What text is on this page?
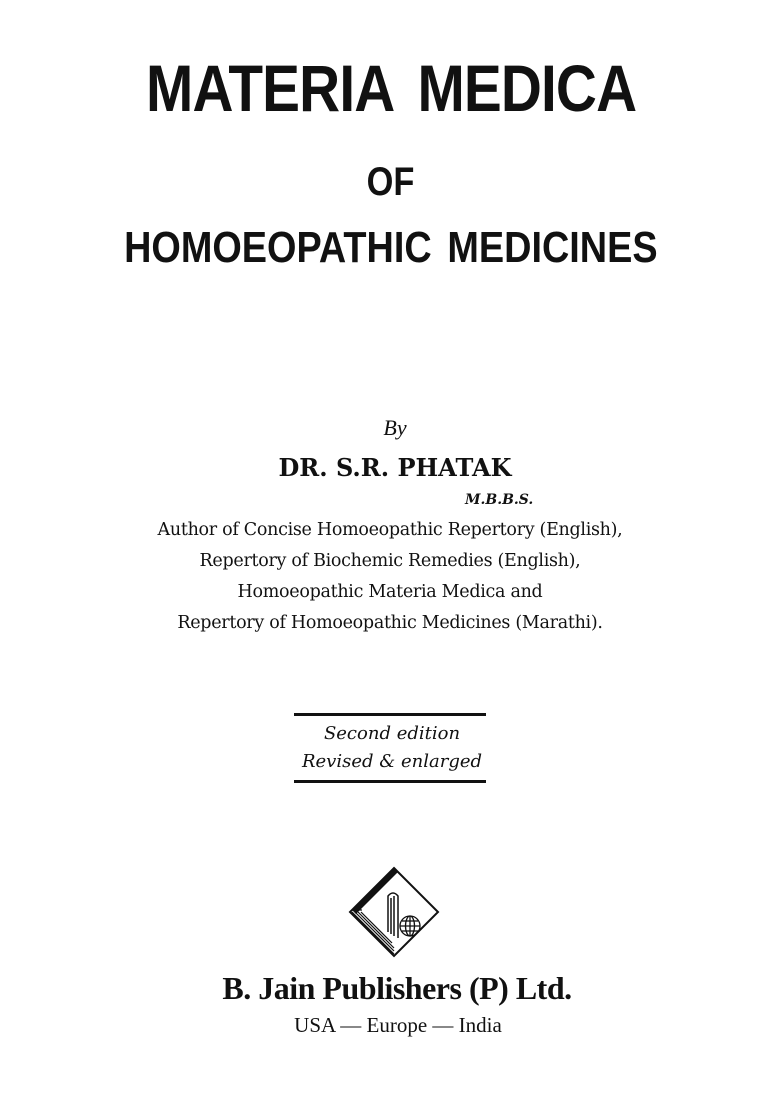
MATERIA MEDICA
OF
HOMOEOPATHIC MEDICINES
By
DR. S.R. PHATAK
M.B.B.S.
Author of Concise Homoeopathic Repertory (English),
Repertory of Biochemic Remedies (English),
Homoeopathic Materia Medica and
Repertory of Homoeopathic Medicines (Marathi).
Second edition
Revised & enlarged
B. Jain Publishers (P) Ltd.
USA — Europe — India
